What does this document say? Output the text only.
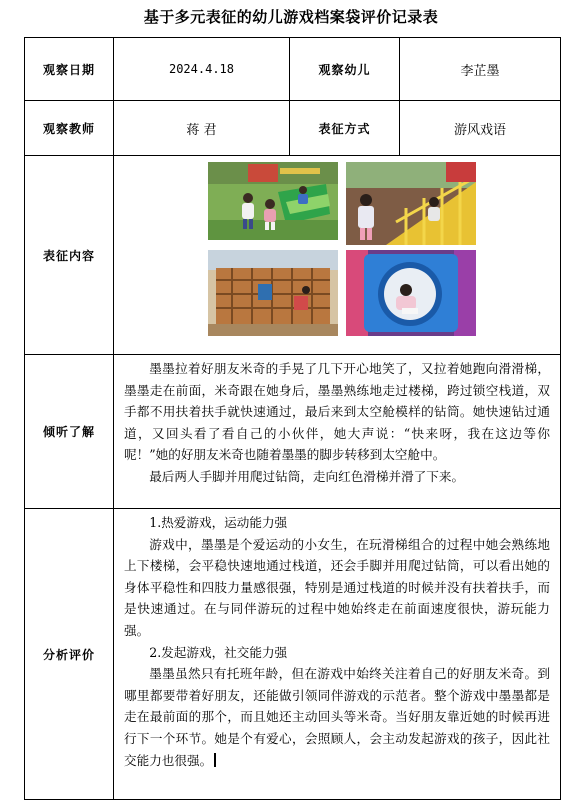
基于多元表征的幼儿游戏档案袋评价记录表
观察日期	2024.4.18	观察幼儿	李芷墨
观察教师	蒋 君	表征方式	游风戏语
表征内容	

倾听了解	墨墨拉着好朋友米奇的手晃了几下开心地笑了，又拉着她跑向滑滑梯，墨墨走在前面，米奇跟在她身后，墨墨熟练地走过楼梯，跨过锁空栈道，双手都不用扶着扶手就快速通过，最后来到太空舱模样的钻筒。她快速钻过通道，又回头看了看自己的小伙伴，她大声说：“快来呀，我在这边等你呢！”她的好朋友米奇也随着墨墨的脚步转移到太空舱中。

最后两人手脚并用爬过钻筒，走向红色滑梯并滑了下来。		

分析评价	1.热爱游戏，运动能力强

游戏中，墨墨是个爱运动的小女生，在玩滑梯组合的过程中她会熟练地上下楼梯，会平稳快速地通过栈道，还会手脚并用爬过钻筒，可以看出她的身体平稳性和四肢力量感很强，特别是通过栈道的时候并没有扶着扶手，而是快速通过。在与同伴游玩的过程中她始终走在前面速度很快，游玩能力强。

2.发起游戏，社交能力强

墨墨虽然只有托班年龄，但在游戏中始终关注着自己的好朋友米奇。到哪里都要带着好朋友，还能做引领同伴游戏的示范者。整个游戏中墨墨都是走在最前面的那个，而且她还主动回头等米奇。当好朋友靠近她的时候再进行下一个环节。她是个有爱心，会照顾人，会主动发起游戏的孩子，因此社交能力也很强。		
